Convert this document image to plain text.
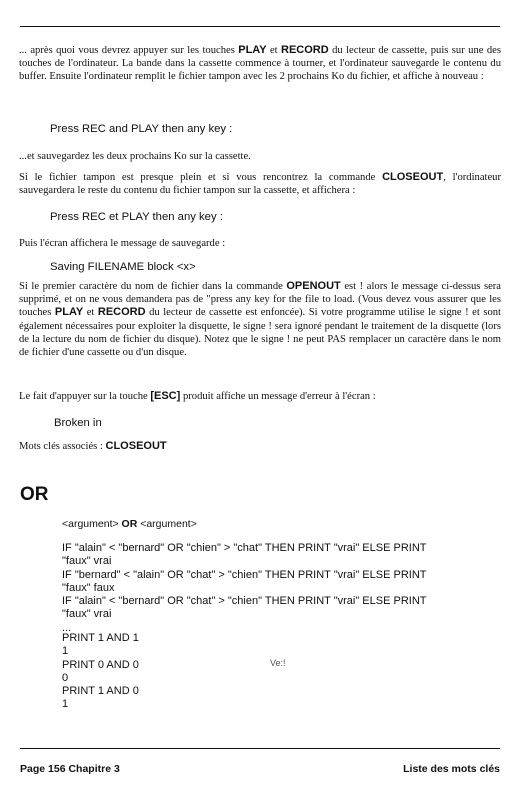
... après quoi vous devrez appuyer sur les touches PLAY et RECORD du lecteur de cassette, puis sur une des touches de l'ordinateur. La bande dans la cassette commence à tourner, et l'ordinateur sauvegarde le contenu du buffer. Ensuite l'ordinateur remplit le fichier tampon avec les 2 prochains Ko du fichier, et affiche à nouveau :

Press REC and PLAY then any key :

...et sauvegardez les deux prochains Ko sur la cassette.

Si le fichier tampon est presque plein et si vous rencontrez la commande CLOSEOUT, l'ordinateur sauvegardera le reste du contenu du fichier tampon sur la cassette, et affichera :

Press REC et PLAY then any key :

Puis l'écran affichera le message de sauvegarde :

Saving FILENAME block <x>

Si le premier caractère du nom de fichier dans la commande OPENOUT est ! alors le message ci-dessus sera supprimé, et on ne vous demandera pas de "press any key for the file to load. (Vous devez vous assurer que les touches PLAY et RECORD du lecteur de cassette est enfoncée). Si votre programme utilise le signe ! et sont également nécessaires pour exploiter la disquette, le signe ! sera ignoré pendant le traitement de la disquette (lors de la lecture du nom de fichier du disque). Notez que le signe ! ne peut PAS remplacer un caractère dans le nom de fichier d'une cassette ou d'un disque.

Le fait d'appuyer sur la touche [ESC] produit affiche un message d'erreur à l'écran :

Broken in

Mots clés associés : CLOSEOUT

OR

<argument> OR <argument>

IF "alain" < "bernard" OR "chien" > "chat" THEN PRINT "vrai" ELSE PRINT
"faux" vrai
IF "bernard" < "alain" OR "chat" > "chien" THEN PRINT "vrai" ELSE PRINT
"faux" faux
IF "alain" < "bernard" OR "chat" > "chien" THEN PRINT "vrai" ELSE PRINT
"faux" vrai
...
PRINT 1 AND 1
1
PRINT 0 AND 0
0
PRINT 1 AND 0
1

Ve:!

Page 156 Chapitre 3	Liste des mots clés
